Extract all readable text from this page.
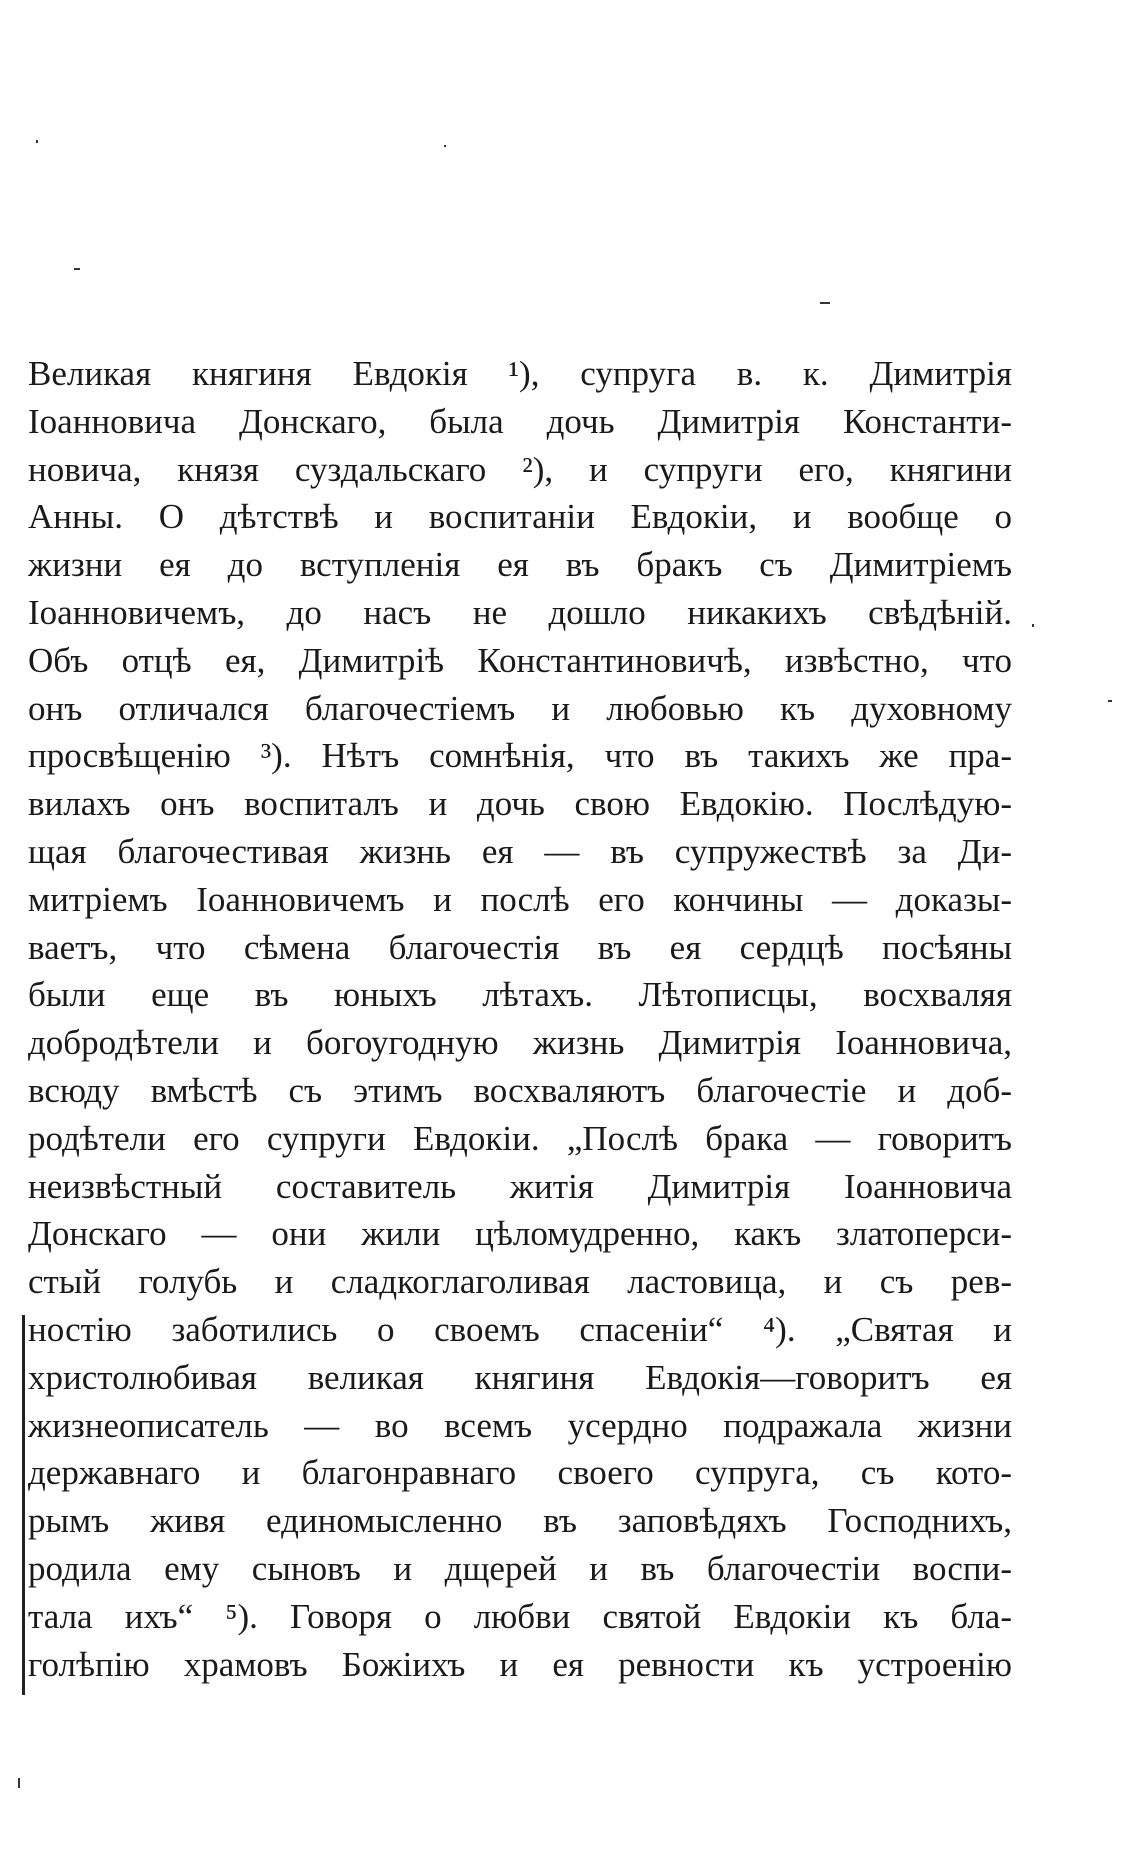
Великая княгиня Евдокія ¹), супруга в. к. Димитрія
Іоанновича Донскаго, была дочь Димитрія Константи-
новича, князя суздальскаго ²), и супруги его, княгини
Анны. О дѣтствѣ и воспитаніи Евдокіи, и вообще о
жизни ея до вступленія ея въ бракъ съ Димитріемъ
Іоанновичемъ, до насъ не дошло никакихъ свѣдѣній.
Объ отцѣ ея, Димитріѣ Константиновичѣ, извѣстно, что
онъ отличался благочестіемъ и любовью къ духовному
просвѣщенію ³). Нѣтъ сомнѣнія, что въ такихъ же пра-
вилахъ онъ воспиталъ и дочь свою Евдокію. Послѣдую-
щая благочестивая жизнь ея — въ супружествѣ за Ди-
митріемъ Іоанновичемъ и послѣ его кончины — доказы-
ваетъ, что сѣмена благочестія въ ея сердцѣ посѣяны
были еще въ юныхъ лѣтахъ. Лѣтописцы, восхваляя
добродѣтели и богоугодную жизнь Димитрія Іоанновича,
всюду вмѣстѣ съ этимъ восхваляютъ благочестіе и доб-
родѣтели его супруги Евдокіи. „Послѣ брака — говоритъ
неизвѣстный составитель житія Димитрія Іоанновича
Донскаго — они жили цѣломудренно, какъ златоперси-
стый голубь и сладкоглаголивая ластовица, и съ рев-
ностію заботились о своемъ спасеніи“ ⁴). „Святая и
христолюбивая великая княгиня Евдокія—говоритъ ея
жизнеописатель — во всемъ усердно подражала жизни
державнаго и благонравнаго своего супруга, съ кото-
рымъ живя единомысленно въ заповѣдяхъ Господнихъ,
родила ему сыновъ и дщерей и въ благочестіи воспи-
тала ихъ“ ⁵). Говоря о любви святой Евдокіи къ бла-
голѣпію храмовъ Божіихъ и ея ревности къ устроенію
